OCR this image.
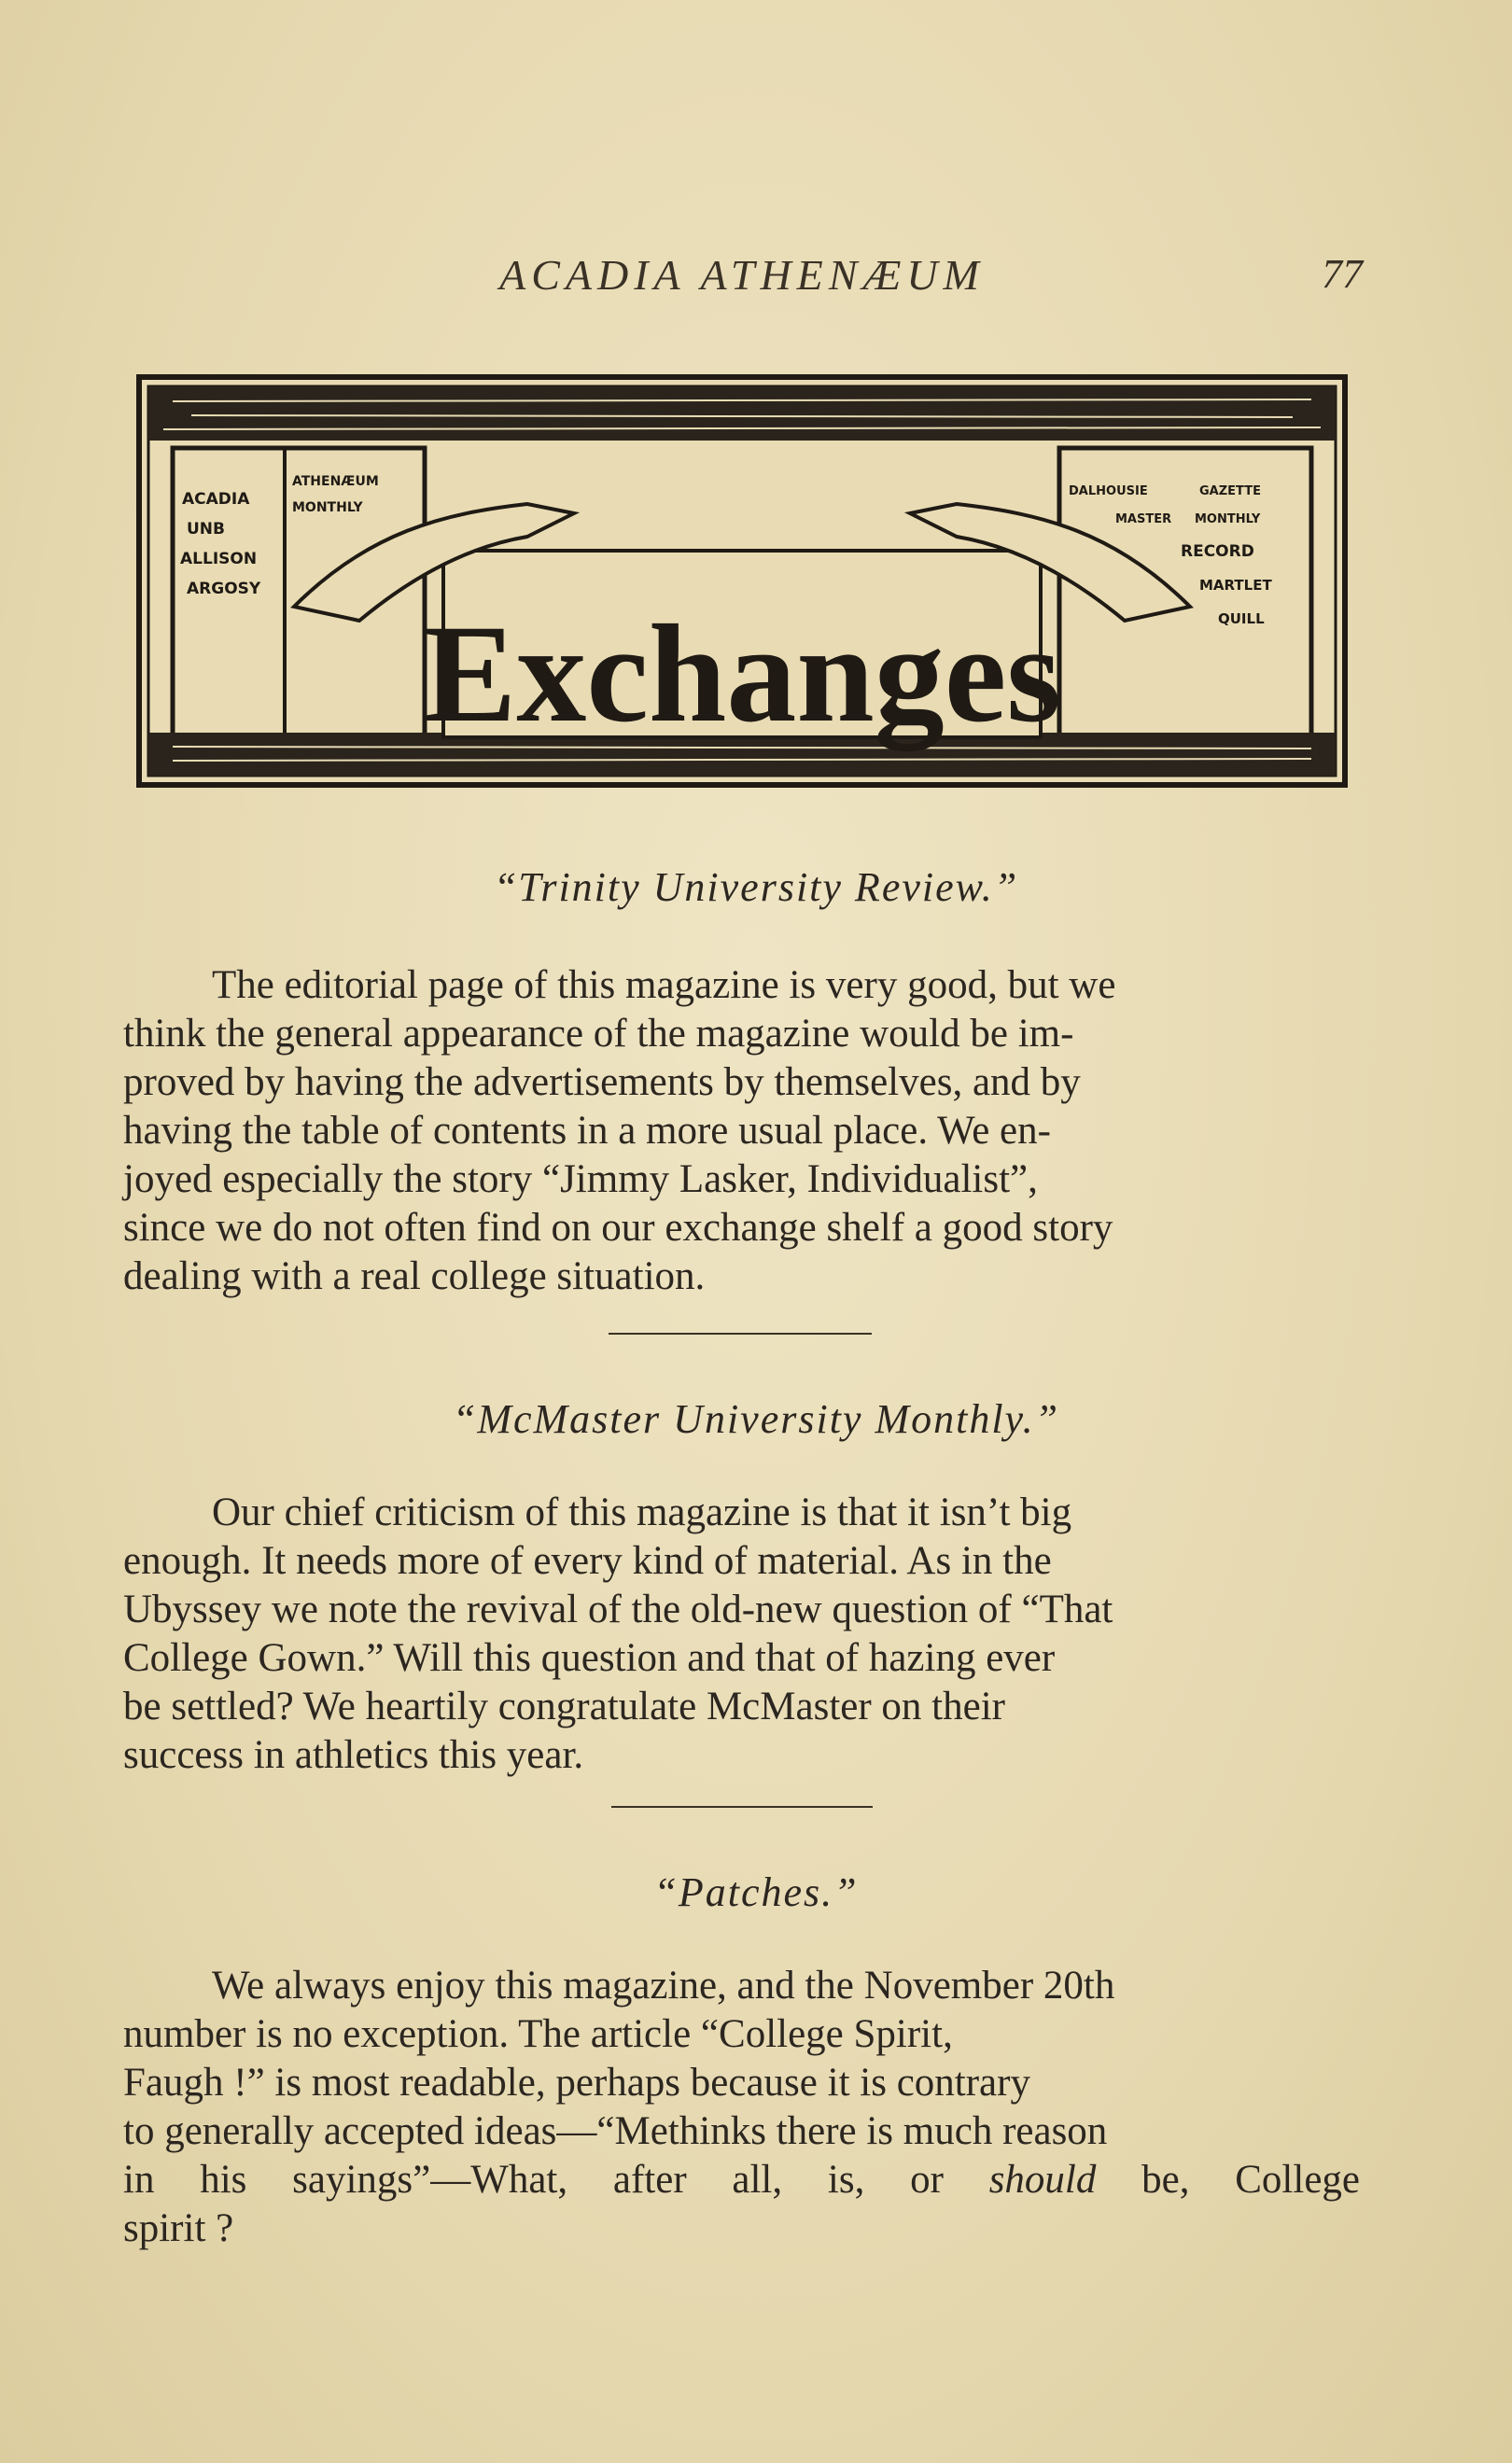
ACADIA ATHENÆUM	77
ACADIA
UNB
ALLISON
ARGOSY
ATHENÆUM
MONTHLY
DALHOUSIE	GAZETTE
MASTER MONTHLY
RECORD
MARTLET
QUILL
Exchanges
“Trinity University Review.”
The editorial page of this magazine is very good, but we
think the general appearance of the magazine would be im-
proved by having the advertisements by themselves, and by
having the table of contents in a more usual place. We en-
joyed especially the story “Jimmy Lasker, Individualist”,
since we do not often find on our exchange shelf a good story
dealing with a real college situation.
“McMaster University Monthly.”
Our chief criticism of this magazine is that it isn’t big
enough. It needs more of every kind of material. As in the
Ubyssey we note the revival of the old-new question of “That
College Gown.” Will this question and that of hazing ever
be settled? We heartily congratulate McMaster on their
success in athletics this year.
“Patches.”
We always enjoy this magazine, and the November 20th
number is no exception. The article “College Spirit,
Faugh !” is most readable, perhaps because it is contrary
to generally accepted ideas—“Methinks there is much reason
in his sayings”—What, after all, is, or should be, College
spirit ?
